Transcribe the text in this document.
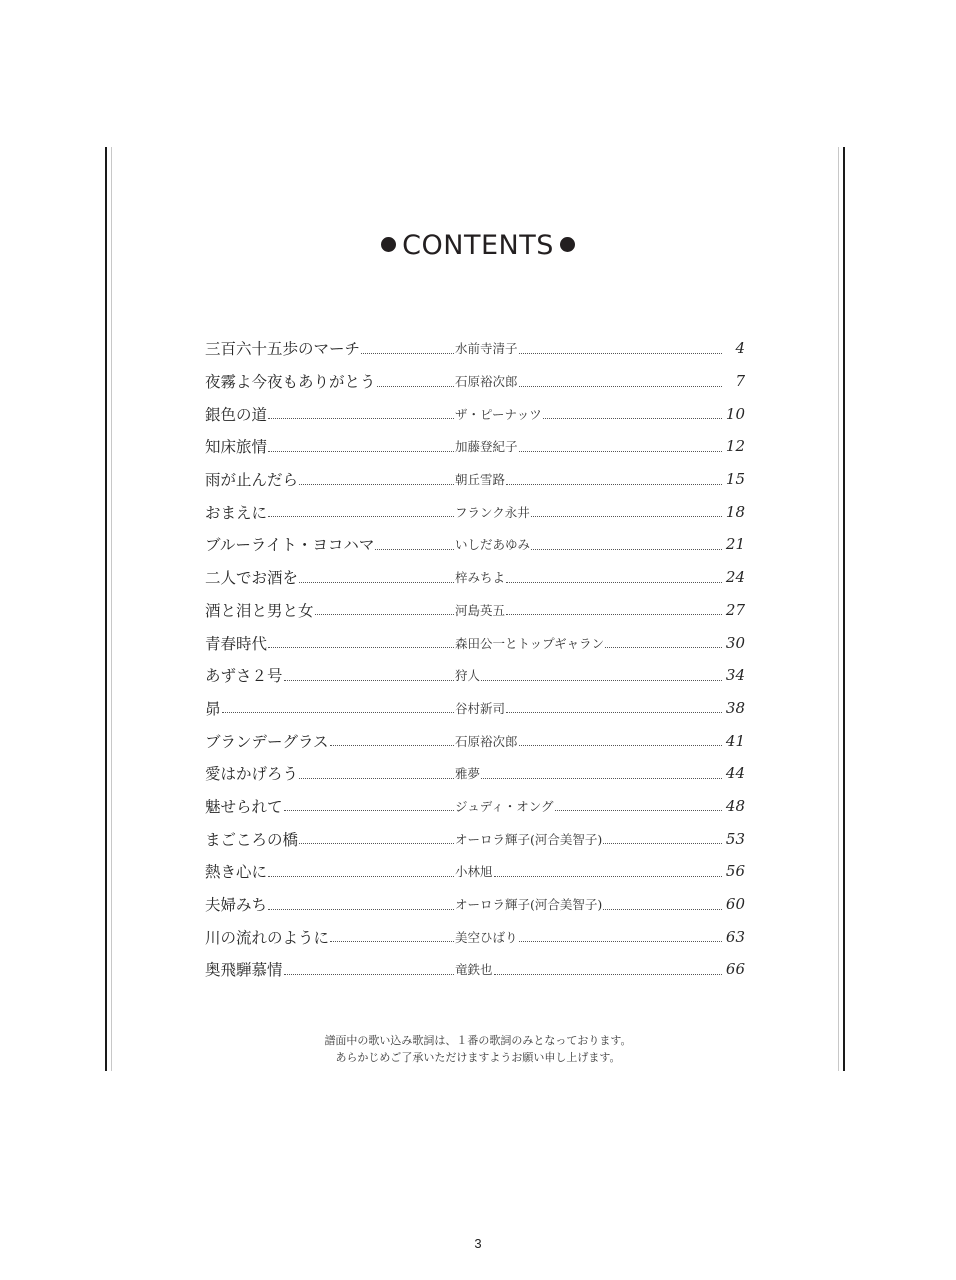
CONTENTS
三百六十五歩のマーチ	水前寺清子	4
夜霧よ今夜もありがとう	石原裕次郎	7
銀色の道	ザ・ピーナッツ	10
知床旅情	加藤登紀子	12
雨が止んだら	朝丘雪路	15
おまえに	フランク永井	18
ブルーライト・ヨコハマ	いしだあゆみ	21
二人でお酒を	梓みちよ	24
酒と泪と男と女	河島英五	27
青春時代	森田公一とトップギャラン	30
あずさ２号	狩人	34
昴	谷村新司	38
ブランデーグラス	石原裕次郎	41
愛はかげろう	雅夢	44
魅せられて	ジュディ・オング	48
まごころの橋	オーロラ輝子(河合美智子)	53
熱き心に	小林旭	56
夫婦みち	オーロラ輝子(河合美智子)	60
川の流れのように	美空ひばり	63
奥飛騨慕情	竜鉄也	66

譜面中の歌い込み歌詞は、１番の歌詞のみとなっております。

あらかじめご了承いただけますようお願い申し上げます。

3
